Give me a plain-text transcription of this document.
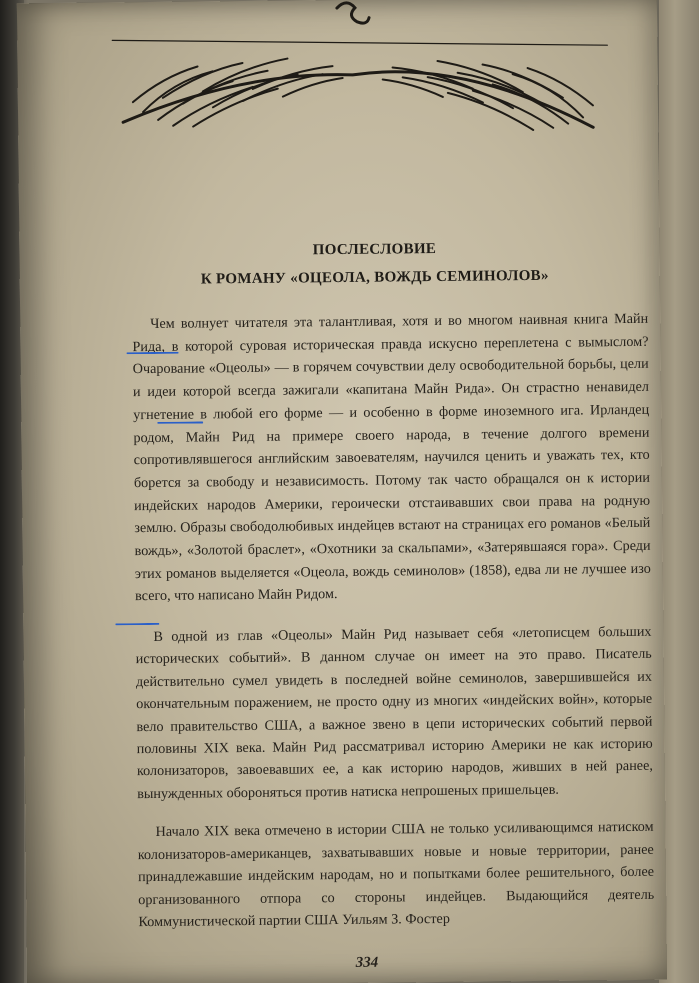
ПОСЛЕСЛОВИЕ
К РОМАНУ «ОЦЕОЛА, ВОЖДЬ СЕМИНОЛОВ»
Чем волнует читателя эта талантливая, хотя и во многом наивная книга Майн Рида, в которой суровая историческая правда искусно переплетена с вымыслом? Очарование «Оцеолы» — в горячем сочувствии делу освободительной борьбы, цели и идеи которой всегда зажигали «капитана Майн Рида». Он страстно ненавидел угнетение в любой его форме — и особенно в форме иноземного ига. Ирландец родом, Майн Рид на примере своего народа, в течение долгого времени сопротивлявшегося английским завоевателям, научился ценить и уважать тех, кто борется за свободу и независимость. Потому так часто обращался он к истории индейских народов Америки, героически отстаивавших свои права на родную землю. Образы свободолюбивых индейцев встают на страницах его романов «Белый вождь», «Золотой браслет», «Охотники за скальпами», «Затерявшаяся гора». Среди этих романов выделяется «Оцеола, вождь семинолов» (1858), едва ли не лучшее изо всего, что написано Майн Ридом.
В одной из глав «Оцеолы» Майн Рид называет себя «летописцем больших исторических событий». В данном случае он имеет на это право. Писатель действительно сумел увидеть в последней войне семинолов, завершившейся их окончательным поражением, не просто одну из многих «индейских войн», которые вело правительство США, а важное звено в цепи исторических событий первой половины XIX века. Майн Рид рассматривал историю Америки не как историю колонизаторов, завоевавших ее, а как историю народов, живших в ней ранее, вынужденных обороняться против натиска непрошеных пришельцев.
Начало XIX века отмечено в истории США не только усиливающимся натиском колонизаторов-американцев, захватывавших новые и новые территории, ранее принадлежавшие индейским народам, но и попытками более решительного, более организованного отпора со стороны индейцев. Выдающийся деятель Коммунистической партии США Уильям З. Фостер
334
